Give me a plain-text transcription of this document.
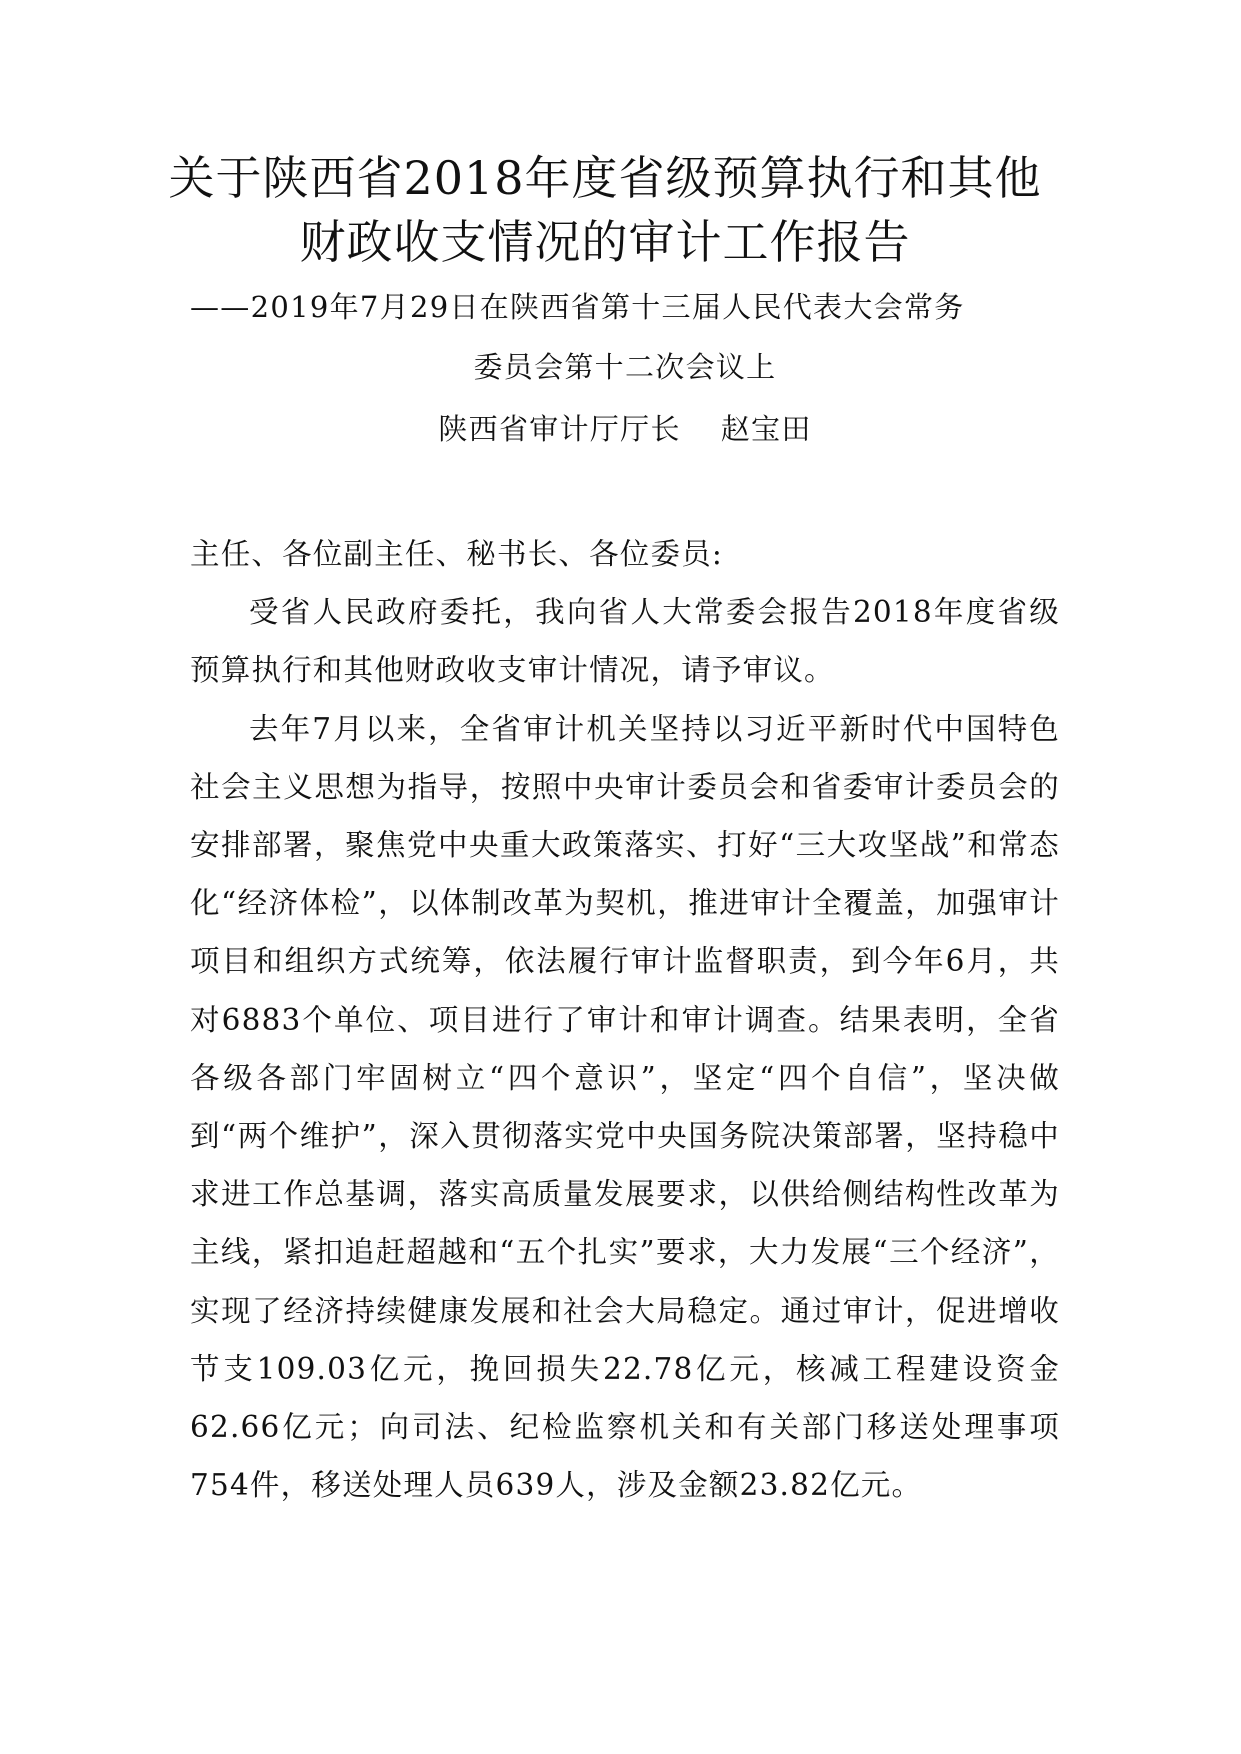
关于陕西省2018年度省级预算执行和其他
财政收支情况的审计工作报告
——2019年7月29日在陕西省第十三届人民代表大会常务
委员会第十二次会议上
陕西省审计厅厅长 赵宝田
主任、各位副主任、秘书长、各位委员:

受省人民政府委托，我向省人大常委会报告2018年度省级预算执行和其他财政收支审计情况，请予审议。

去年7月以来，全省审计机关坚持以习近平新时代中国特色社会主义思想为指导，按照中央审计委员会和省委审计委员会的安排部署，聚焦党中央重大政策落实、打好“三大攻坚战”和常态化“经济体检”，以体制改革为契机，推进审计全覆盖，加强审计项目和组织方式统筹，依法履行审计监督职责，到今年6月，共对6883个单位、项目进行了审计和审计调查。结果表明，全省各级各部门牢固树立“四个意识”，坚定“四个自信”，坚决做到“两个维护”，深入贯彻落实党中央国务院决策部署，坚持稳中求进工作总基调，落实高质量发展要求，以供给侧结构性改革为主线，紧扣追赶超越和“五个扎实”要求，大力发展“三个经济”，实现了经济持续健康发展和社会大局稳定。通过审计，促进增收节支109.03亿元，挽回损失22.78亿元，核减工程建设资金62.66亿元；向司法、纪检监察机关和有关部门移送处理事项754件，移送处理人员639人，涉及金额23.82亿元。
